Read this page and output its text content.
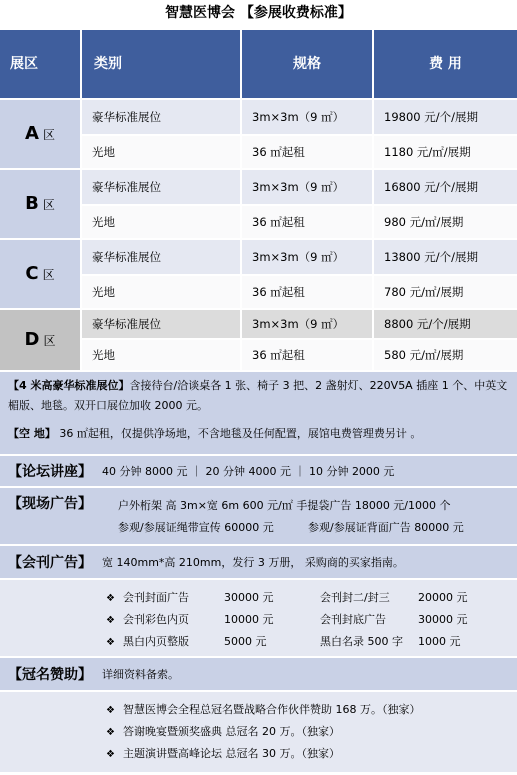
智慧医博会 【参展收费标准】
展区	类别	规格	费 用
A区
豪华标准展位	3m×3m（9 ㎡）	19800 元/个/展期
光地	36 ㎡起租	1180 元/㎡/展期
B区
豪华标准展位	3m×3m（9 ㎡）	16800 元/个/展期
光地	36 ㎡起租	980 元/㎡/展期
C区
豪华标准展位	3m×3m（9 ㎡）	13800 元/个/展期
光地	36 ㎡起租	780 元/㎡/展期
D区
豪华标准展位	3m×3m（9 ㎡）	8800 元/个/展期
光地	36 ㎡起租	580 元/㎡/展期
【4 米高豪华标准展位】含接待台/洽谈桌各 1 张、椅子 3 把、2 盏射灯、220V5A 插座 1 个、中英文楣版、地毯。双开口展位加收 2000 元。
【空 地】 36 ㎡起租，仅提供净场地，不含地毯及任何配置，展馆电费管理费另计 。
【论坛讲座】 40 分钟 8000 元 ｜ 20 分钟 4000 元 ｜ 10 分钟 2000 元
【现场广告】 户外桁架 高 3m×宽 6m 600 元/㎡ 手提袋广告 18000 元/1000 个
参观/参展证绳带宣传 60000 元	参观/参展证背面广告 80000 元
【会刊广告】 宽 140mm*高 210mm，发行 3 万册， 采购商的买家指南。
❖ 会刊封面广告	30000 元	会刊封二/封三	20000 元
❖ 会刊彩色内页	10000 元	会刊封底广告	30000 元
❖ 黑白内页整版	5000 元	黑白名录 500 字 1000 元
【冠名赞助】 详细资料备索。
❖ 智慧医博会全程总冠名暨战略合作伙伴赞助 168 万。（独家）
❖ 答谢晚宴暨颁奖盛典 总冠名 20 万。（独家）
❖ 主题演讲暨高峰论坛 总冠名 30 万。（独家）
